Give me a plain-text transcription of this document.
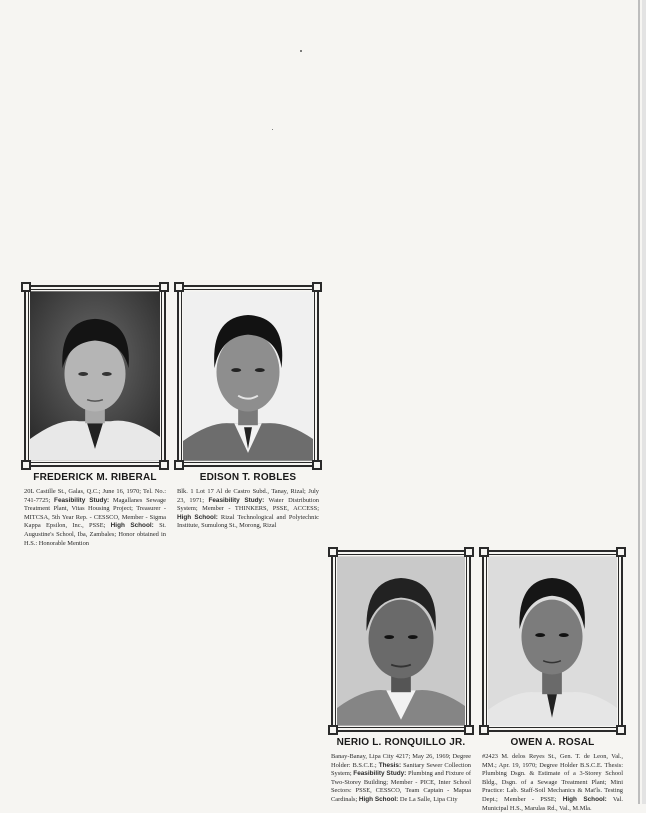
FREDERICK M. RIBERAL
20L Castille St., Galas, Q.C.; June 16, 1970; Tel. No.: 741-7725; Feasibility Study: Magallanes Sewage Treatment Plant, Vitas Housing Project; Treasurer - MITCSA, 5th Year Rep. - CESSCO, Member - Sigma Kappa Epsilon, Inc., PSSE; High School: St. Augustine's School, Iba, Zambales; Honor obtained in H.S.: Honorable Mention
EDISON T. ROBLES
Blk. 1 Lot 17 Al de Castro Subd., Tanay, Rizal; July 23, 1971; Feasibility Study: Water Distribution System; Member - THINKERS, PSSE, ACCESS; High School: Rizal Technological and Polytechnic Institute, Sumulong St., Morong, Rizal
NERIO L. RONQUILLO JR.
Banay-Banay, Lipa City 4217; May 26, 1969; Degree Holder: B.S.C.E.; Thesis: Sanitary Sewer Collection System; Feasibility Study: Plumbing and Fixture of Two-Storey Building; Member - PICE, Inter School Sectors: PSSE, CESSCO, Team Captain - Mapua Cardinals; High School: De La Salle, Lipa City
OWEN A. ROSAL
#2423 M. delos Reyes St., Gen. T. de Leon, Val., MM.; Apr. 19, 1970; Degree Holder B.S.C.E. Thesis: Plumbing Dsgn. & Estimate of a 3-Storey School Bldg., Dsgn. of a Sewage Treatment Plant; Mini Practice: Lab. Staff-Soil Mechanics & Mat'ls. Testing Dept.; Member - PSSE; High School: Val. Municipal H.S., Marulas Rd., Val., M.Mla.
